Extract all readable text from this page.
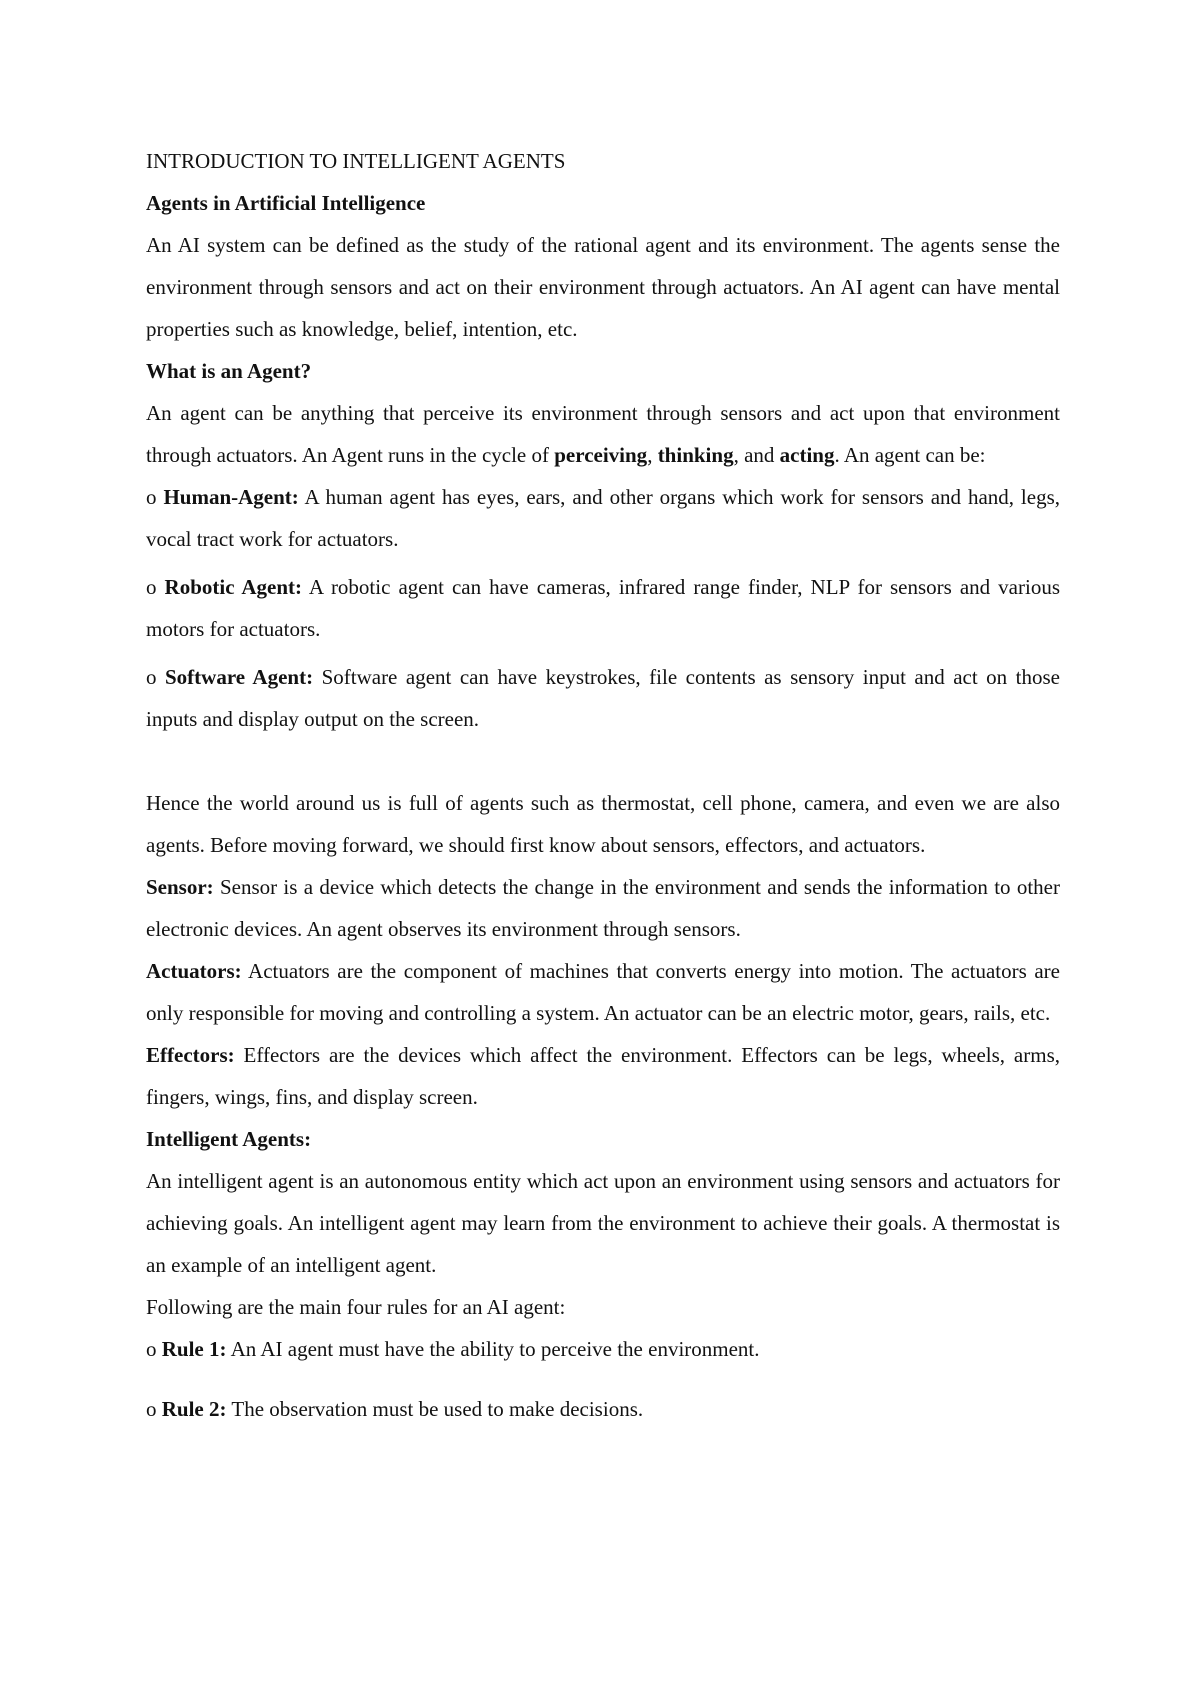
INTRODUCTION TO INTELLIGENT AGENTS

Agents in Artificial Intelligence

An AI system can be defined as the study of the rational agent and its environment. The agents sense the environment through sensors and act on their environment through actuators. An AI agent can have mental properties such as knowledge, belief, intention, etc.

What is an Agent?

An agent can be anything that perceive its environment through sensors and act upon that environment through actuators. An Agent runs in the cycle of perceiving, thinking, and acting. An agent can be:

o Human-Agent: A human agent has eyes, ears, and other organs which work for sensors and hand, legs, vocal tract work for actuators.

o Robotic Agent: A robotic agent can have cameras, infrared range finder, NLP for sensors and various motors for actuators.

o Software Agent: Software agent can have keystrokes, file contents as sensory input and act on those inputs and display output on the screen.

Hence the world around us is full of agents such as thermostat, cell phone, camera, and even we are also agents. Before moving forward, we should first know about sensors, effectors, and actuators.

Sensor: Sensor is a device which detects the change in the environment and sends the information to other electronic devices. An agent observes its environment through sensors.

Actuators: Actuators are the component of machines that converts energy into motion. The actuators are only responsible for moving and controlling a system. An actuator can be an electric motor, gears, rails, etc.

Effectors: Effectors are the devices which affect the environment. Effectors can be legs, wheels, arms, fingers, wings, fins, and display screen.

Intelligent Agents:

An intelligent agent is an autonomous entity which act upon an environment using sensors and actuators for achieving goals. An intelligent agent may learn from the environment to achieve their goals. A thermostat is an example of an intelligent agent.

Following are the main four rules for an AI agent:

o Rule 1: An AI agent must have the ability to perceive the environment.

o Rule 2: The observation must be used to make decisions.
